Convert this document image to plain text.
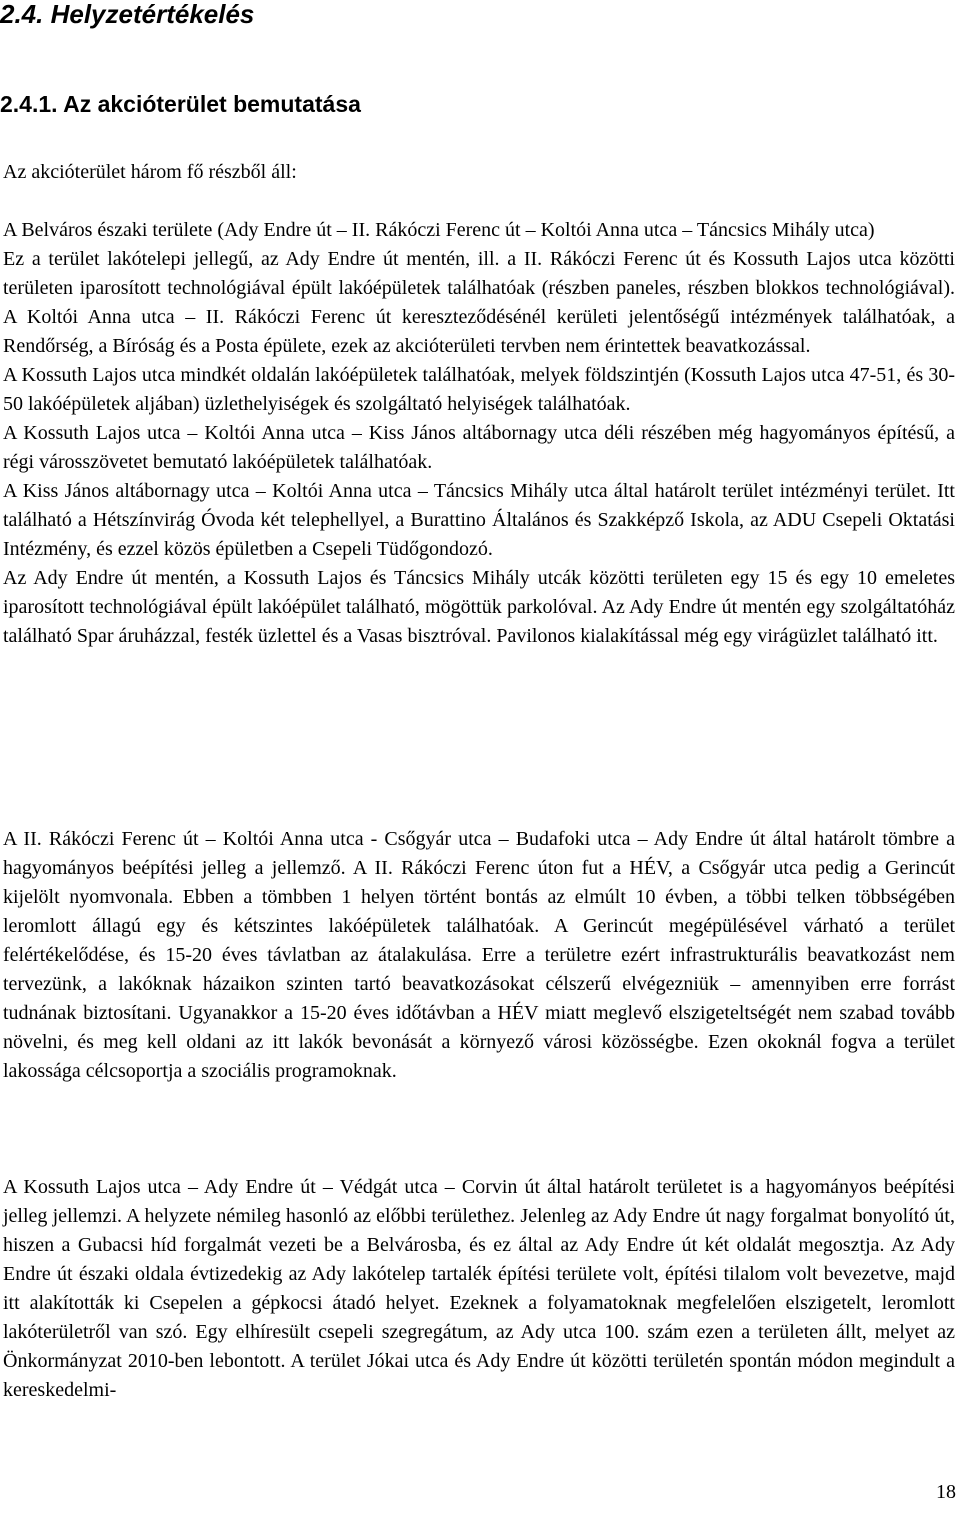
2.4. Helyzetértékelés
2.4.1. Az akcióterület bemutatása

Az akcióterület három fő részből áll:

A Belváros északi területe (Ady Endre út – II. Rákóczi Ferenc út – Koltói Anna utca – Táncsics Mihály utca)

Ez a terület lakótelepi jellegű, az Ady Endre út mentén, ill. a II. Rákóczi Ferenc út és Kossuth Lajos utca közötti területen iparosított technológiával épült lakóépületek találhatóak (részben paneles, részben blokkos technológiával). A Koltói Anna utca – II. Rákóczi Ferenc út kereszteződésénél kerületi jelentőségű intézmények találhatóak, a Rendőrség, a Bíróság és a Posta épülete, ezek az akcióterületi tervben nem érintettek beavatkozással.

A Kossuth Lajos utca mindkét oldalán lakóépületek találhatóak, melyek földszintjén (Kossuth Lajos utca 47-51, és 30-50 lakóépületek aljában) üzlethelyiségek és szolgáltató helyiségek találhatóak.

A Kossuth Lajos utca – Koltói Anna utca – Kiss János altábornagy utca déli részében még hagyományos építésű, a régi városszövetet bemutató lakóépületek találhatóak.

A Kiss János altábornagy utca – Koltói Anna utca – Táncsics Mihály utca által határolt terület intézményi terület. Itt található a Hétszínvirág Óvoda két telephellyel, a Burattino Általános és Szakképző Iskola, az ADU Csepeli Oktatási Intézmény, és ezzel közös épületben a Csepeli Tüdőgondozó.

Az Ady Endre út mentén, a Kossuth Lajos és Táncsics Mihály utcák közötti területen egy 15 és egy 10 emeletes iparosított technológiával épült lakóépület található, mögöttük parkolóval. Az Ady Endre út mentén egy szolgáltatóház található Spar áruházzal, festék üzlettel és a Vasas bisztróval. Pavilonos kialakítással még egy virágüzlet található itt.

A II. Rákóczi Ferenc út – Koltói Anna utca - Csőgyár utca – Budafoki utca – Ady Endre út által határolt tömbre a hagyományos beépítési jelleg a jellemző. A II. Rákóczi Ferenc úton fut a HÉV, a Csőgyár utca pedig a Gerincút kijelölt nyomvonala. Ebben a tömbben 1 helyen történt bontás az elmúlt 10 évben, a többi telken többségében leromlott állagú egy és kétszintes lakóépületek találhatóak. A Gerincút megépülésével várható a terület felértékelődése, és 15-20 éves távlatban az átalakulása. Erre a területre ezért infrastrukturális beavatkozást nem tervezünk, a lakóknak házaikon szinten tartó beavatkozásokat célszerű elvégezniük – amennyiben erre forrást tudnának biztosítani. Ugyanakkor a 15-20 éves időtávban a HÉV miatt meglevő elszigeteltségét nem szabad tovább növelni, és meg kell oldani az itt lakók bevonását a környező városi közösségbe. Ezen okoknál fogva a terület lakossága célcsoportja a szociális programoknak.

A Kossuth Lajos utca – Ady Endre út – Védgát utca – Corvin út által határolt területet is a hagyományos beépítési jelleg jellemzi. A helyzete némileg hasonló az előbbi területhez. Jelenleg az Ady Endre út nagy forgalmat bonyolító út, hiszen a Gubacsi híd forgalmát vezeti be a Belvárosba, és ez által az Ady Endre út két oldalát megosztja. Az Ady Endre út északi oldala évtizedekig az Ady lakótelep tartalék építési területe volt, építési tilalom volt bevezetve, majd itt alakították ki Csepelen a gépkocsi átadó helyet. Ezeknek a folyamatoknak megfelelően elszigetelt, leromlott lakóterületről van szó. Egy elhíresült csepeli szegregátum, az Ady utca 100. szám ezen a területen állt, melyet az Önkormányzat 2010-ben lebontott. A terület Jókai utca és Ady Endre út közötti területén spontán módon megindult a kereskedelmi-

18
